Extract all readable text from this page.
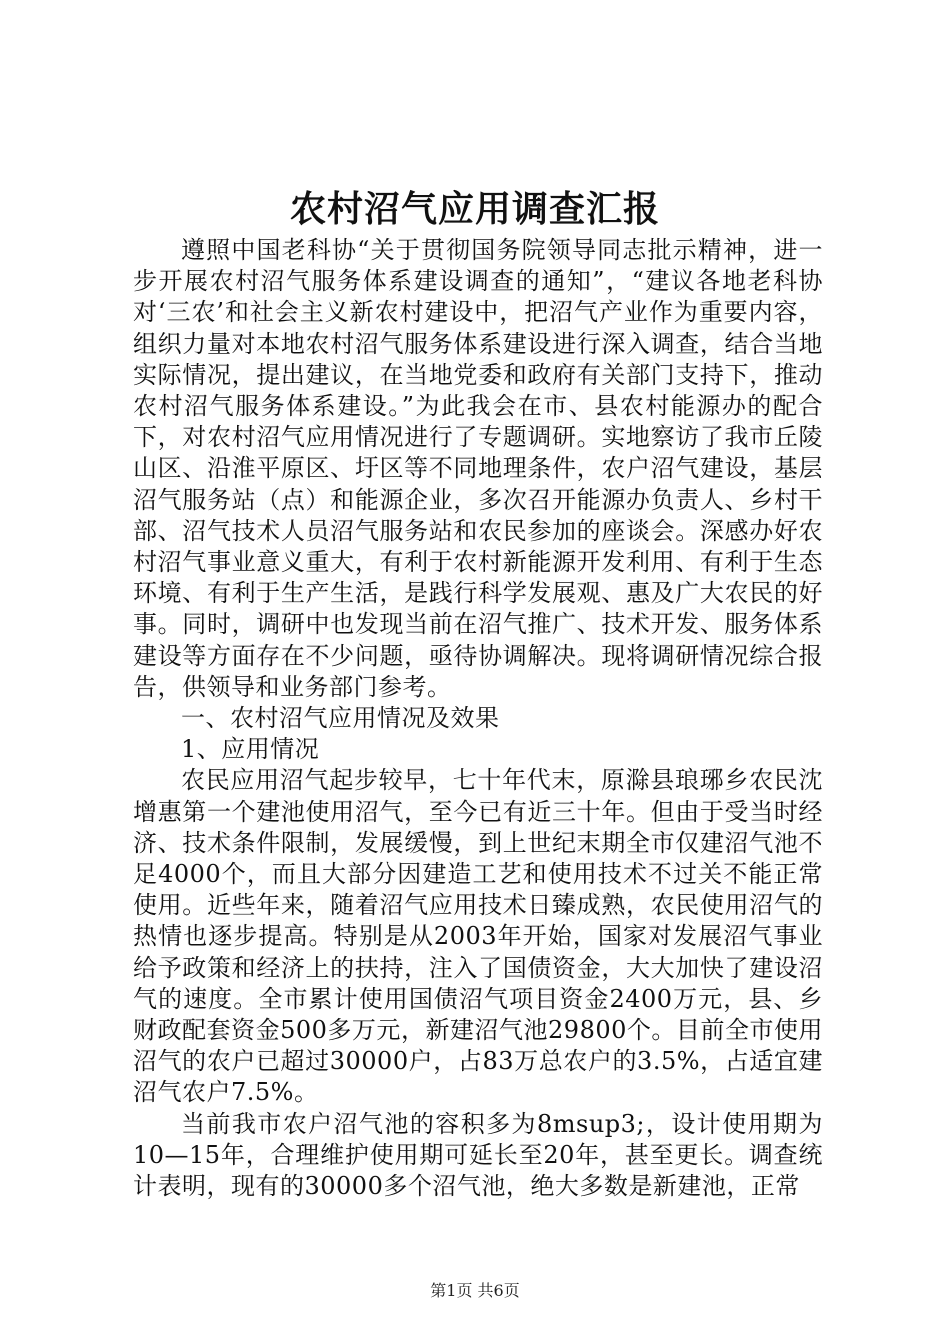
农村沼气应用调查汇报

遵照中国老科协“关于贯彻国务院领导同志批示精神，进一步开展农村沼气服务体系建设调查的通知”，“建议各地老科协对‘三农’和社会主义新农村建设中，把沼气产业作为重要内容，组织力量对本地农村沼气服务体系建设进行深入调查，结合当地实际情况，提出建议，在当地党委和政府有关部门支持下，推动农村沼气服务体系建设。”为此我会在市、县农村能源办的配合下，对农村沼气应用情况进行了专题调研。实地察访了我市丘陵山区、沿淮平原区、圩区等不同地理条件，农户沼气建设，基层沼气服务站（点）和能源企业，多次召开能源办负责人、乡村干部、沼气技术人员沼气服务站和农民参加的座谈会。深感办好农村沼气事业意义重大，有利于农村新能源开发利用、有利于生态环境、有利于生产生活，是践行科学发展观、惠及广大农民的好事。同时，调研中也发现当前在沼气推广、技术开发、服务体系建设等方面存在不少问题，亟待协调解决。现将调研情况综合报告，供领导和业务部门参考。

一、农村沼气应用情况及效果

1、应用情况

农民应用沼气起步较早，七十年代末，原滁县琅琊乡农民沈增惠第一个建池使用沼气，至今已有近三十年。但由于受当时经济、技术条件限制，发展缓慢，到上世纪末期全市仅建沼气池不足4000个，而且大部分因建造工艺和使用技术不过关不能正常使用。近些年来，随着沼气应用技术日臻成熟，农民使用沼气的热情也逐步提高。特别是从2003年开始，国家对发展沼气事业给予政策和经济上的扶持，注入了国债资金，大大加快了建设沼气的速度。全市累计使用国债沼气项目资金2400万元，县、乡财政配套资金500多万元，新建沼气池29800个。目前全市使用沼气的农户已超过30000户，占83万总农户的3.5%，占适宜建沼气农户7.5%。

当前我市农户沼气池的容积多为8msup3;，设计使用期为10—15年，合理维护使用期可延长至20年，甚至更长。调查统计表明，现有的30000多个沼气池，绝大多数是新建池，正常

第1页 共6页
